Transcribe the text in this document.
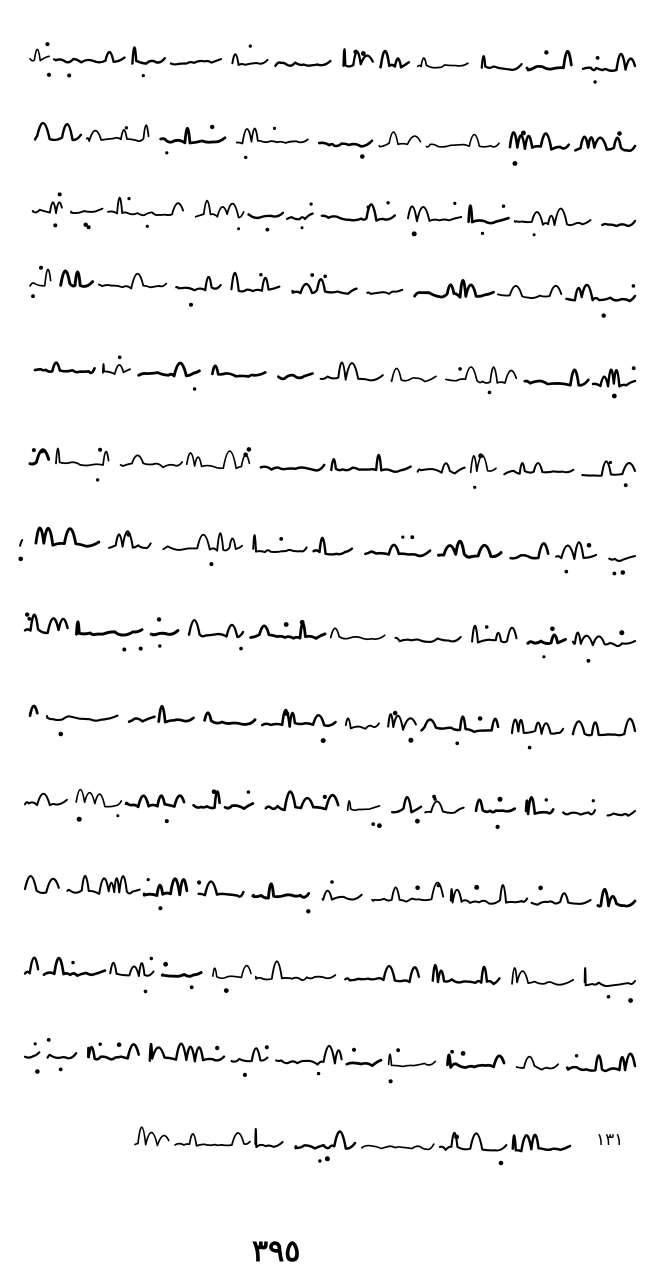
١٣١
٣٩٥
